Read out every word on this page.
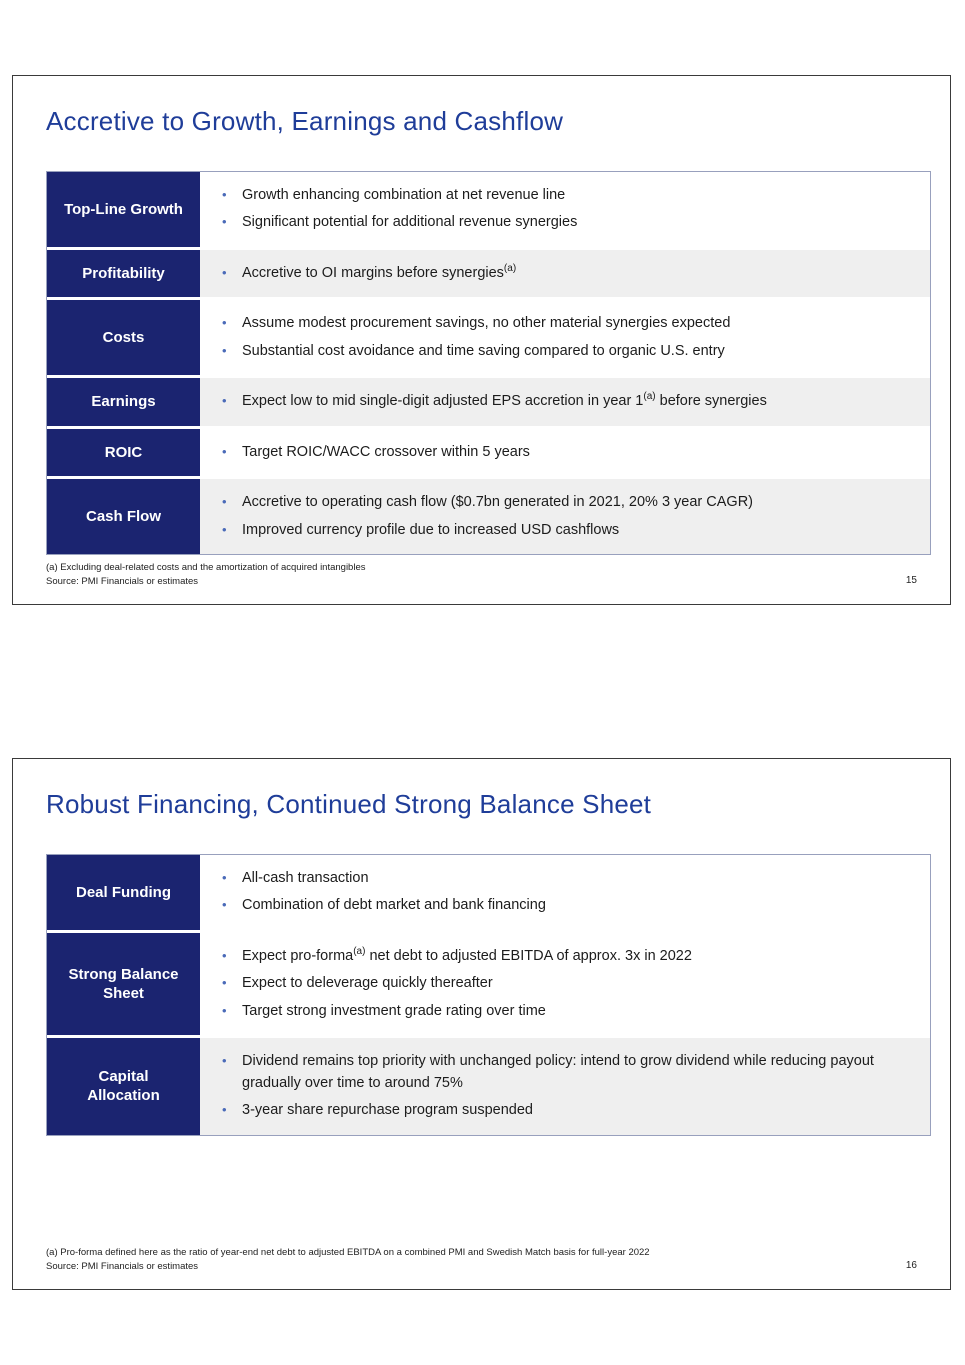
Accretive to Growth, Earnings and Cashflow
Top-Line Growth
•	Growth enhancing combination at net revenue line
•	Significant potential for additional revenue synergies
Profitability	•	Accretive to OI margins before synergies$^{(a)}$
Costs
•	Assume modest procurement savings, no other material synergies expected
•	Substantial cost avoidance and time saving compared to organic U.S. entry
Earnings	•	Expect low to mid single-digit adjusted EPS accretion in year 1$^{(a)}$ before synergies
ROIC	•	Target ROIC/WACC crossover within 5 years
Cash Flow
•	Accretive to operating cash flow ($0.7bn generated in 2021, 20% 3 year CAGR)
•	Improved currency profile due to increased USD cashflows
(a) Excluding deal-related costs and the amortization of acquired intangibles
Source: PMI Financials or estimates	15
Robust Financing, Continued Strong Balance Sheet
Deal Funding
•	All-cash transaction
•	Combination of debt market and bank financing
Strong Balance Sheet
•	Expect pro-forma$^{(a)}$ net debt to adjusted EBITDA of approx. 3x in 2022
•	Expect to deleverage quickly thereafter
•	Target strong investment grade rating over time
Capital Allocation
•	Dividend remains top priority with unchanged policy: intend to grow dividend while reducing payout gradually over time to around 75%
•	3-year share repurchase program suspended
(a) Pro-forma defined here as the ratio of year-end net debt to adjusted EBITDA on a combined PMI and Swedish Match basis for full-year 2022
Source: PMI Financials or estimates	16
